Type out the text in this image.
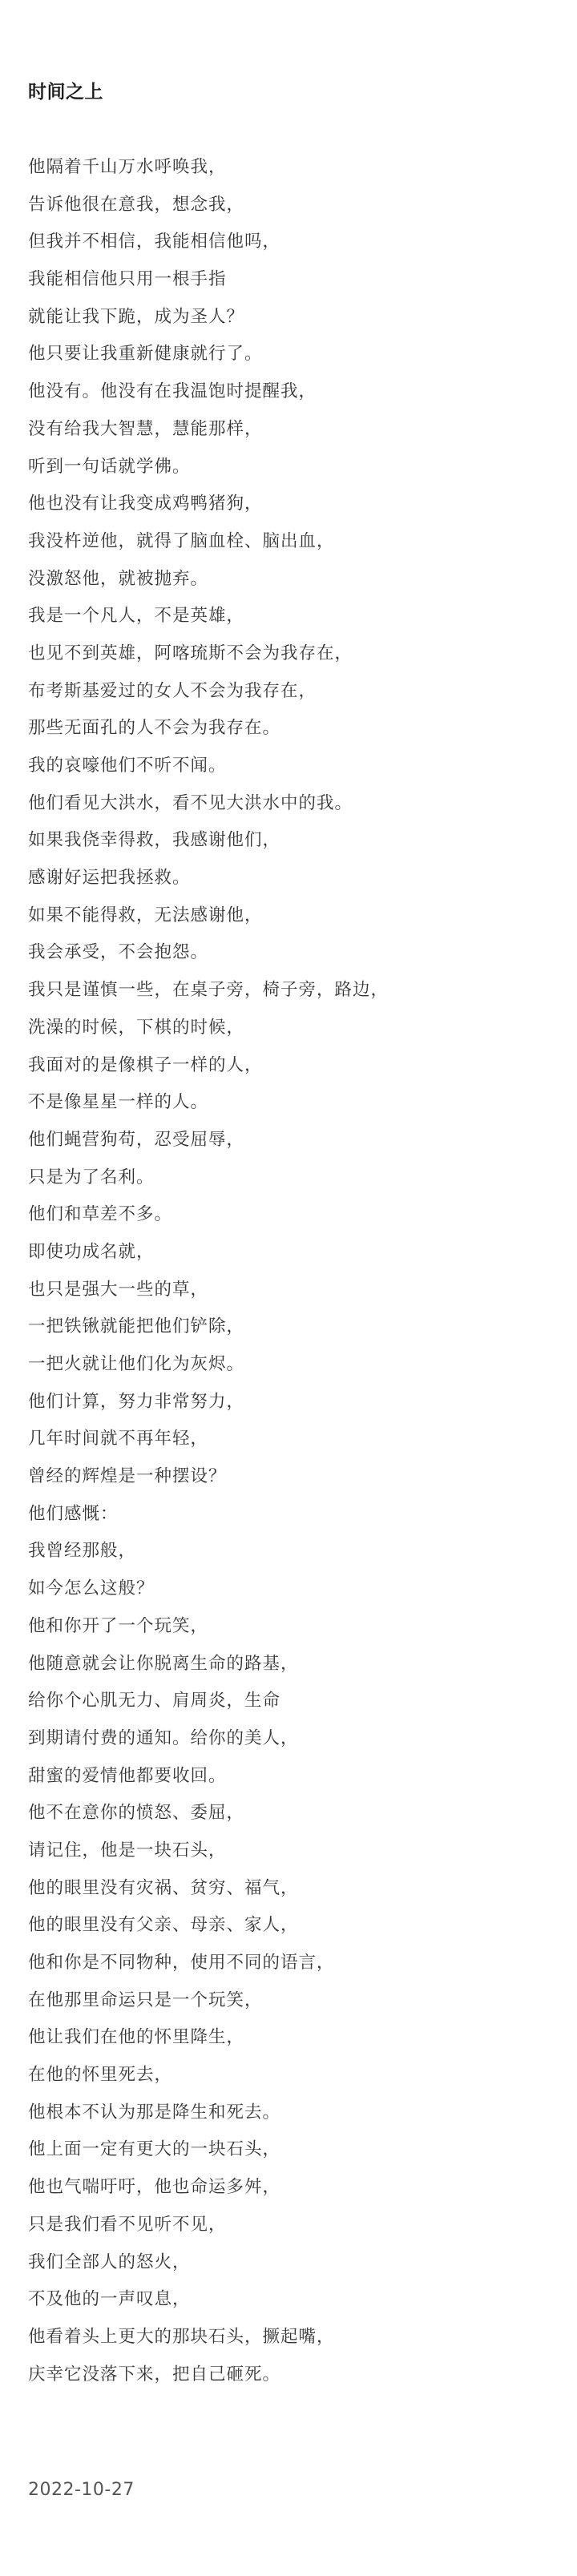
时间之上
他隔着千山万水呼唤我，
告诉他很在意我，想念我，
但我并不相信，我能相信他吗，
我能相信他只用一根手指
就能让我下跪，成为圣人？
他只要让我重新健康就行了。
他没有。他没有在我温饱时提醒我，
没有给我大智慧，慧能那样，
听到一句话就学佛。
他也没有让我变成鸡鸭猪狗，
我没杵逆他，就得了脑血栓、脑出血，
没激怒他，就被抛弃。
我是一个凡人，不是英雄，
也见不到英雄，阿喀琉斯不会为我存在，
布考斯基爱过的女人不会为我存在，
那些无面孔的人不会为我存在。
我的哀嚎他们不听不闻。
他们看见大洪水，看不见大洪水中的我。
如果我侥幸得救，我感谢他们，
感谢好运把我拯救。
如果不能得救，无法感谢他，
我会承受，不会抱怨。
我只是谨慎一些，在桌子旁，椅子旁，路边，
洗澡的时候，下棋的时候，
我面对的是像棋子一样的人，
不是像星星一样的人。
他们蝇营狗苟，忍受屈辱，
只是为了名利。
他们和草差不多。
即使功成名就，
也只是强大一些的草，
一把铁锹就能把他们铲除，
一把火就让他们化为灰烬。
他们计算，努力非常努力，
几年时间就不再年轻，
曾经的辉煌是一种摆设？
他们感慨：
我曾经那般，
如今怎么这般？
他和你开了一个玩笑，
他随意就会让你脱离生命的路基，
给你个心肌无力、肩周炎，生命
到期请付费的通知。给你的美人，
甜蜜的爱情他都要收回。
他不在意你的愤怒、委屈，
请记住，他是一块石头，
他的眼里没有灾祸、贫穷、福气，
他的眼里没有父亲、母亲、家人，
他和你是不同物种，使用不同的语言，
在他那里命运只是一个玩笑，
他让我们在他的怀里降生，
在他的怀里死去，
他根本不认为那是降生和死去。
他上面一定有更大的一块石头，
他也气喘吁吁，他也命运多舛，
只是我们看不见听不见，
我们全部人的怒火，
不及他的一声叹息，
他看着头上更大的那块石头，撅起嘴，
庆幸它没落下来，把自己砸死。
2022-10-27
